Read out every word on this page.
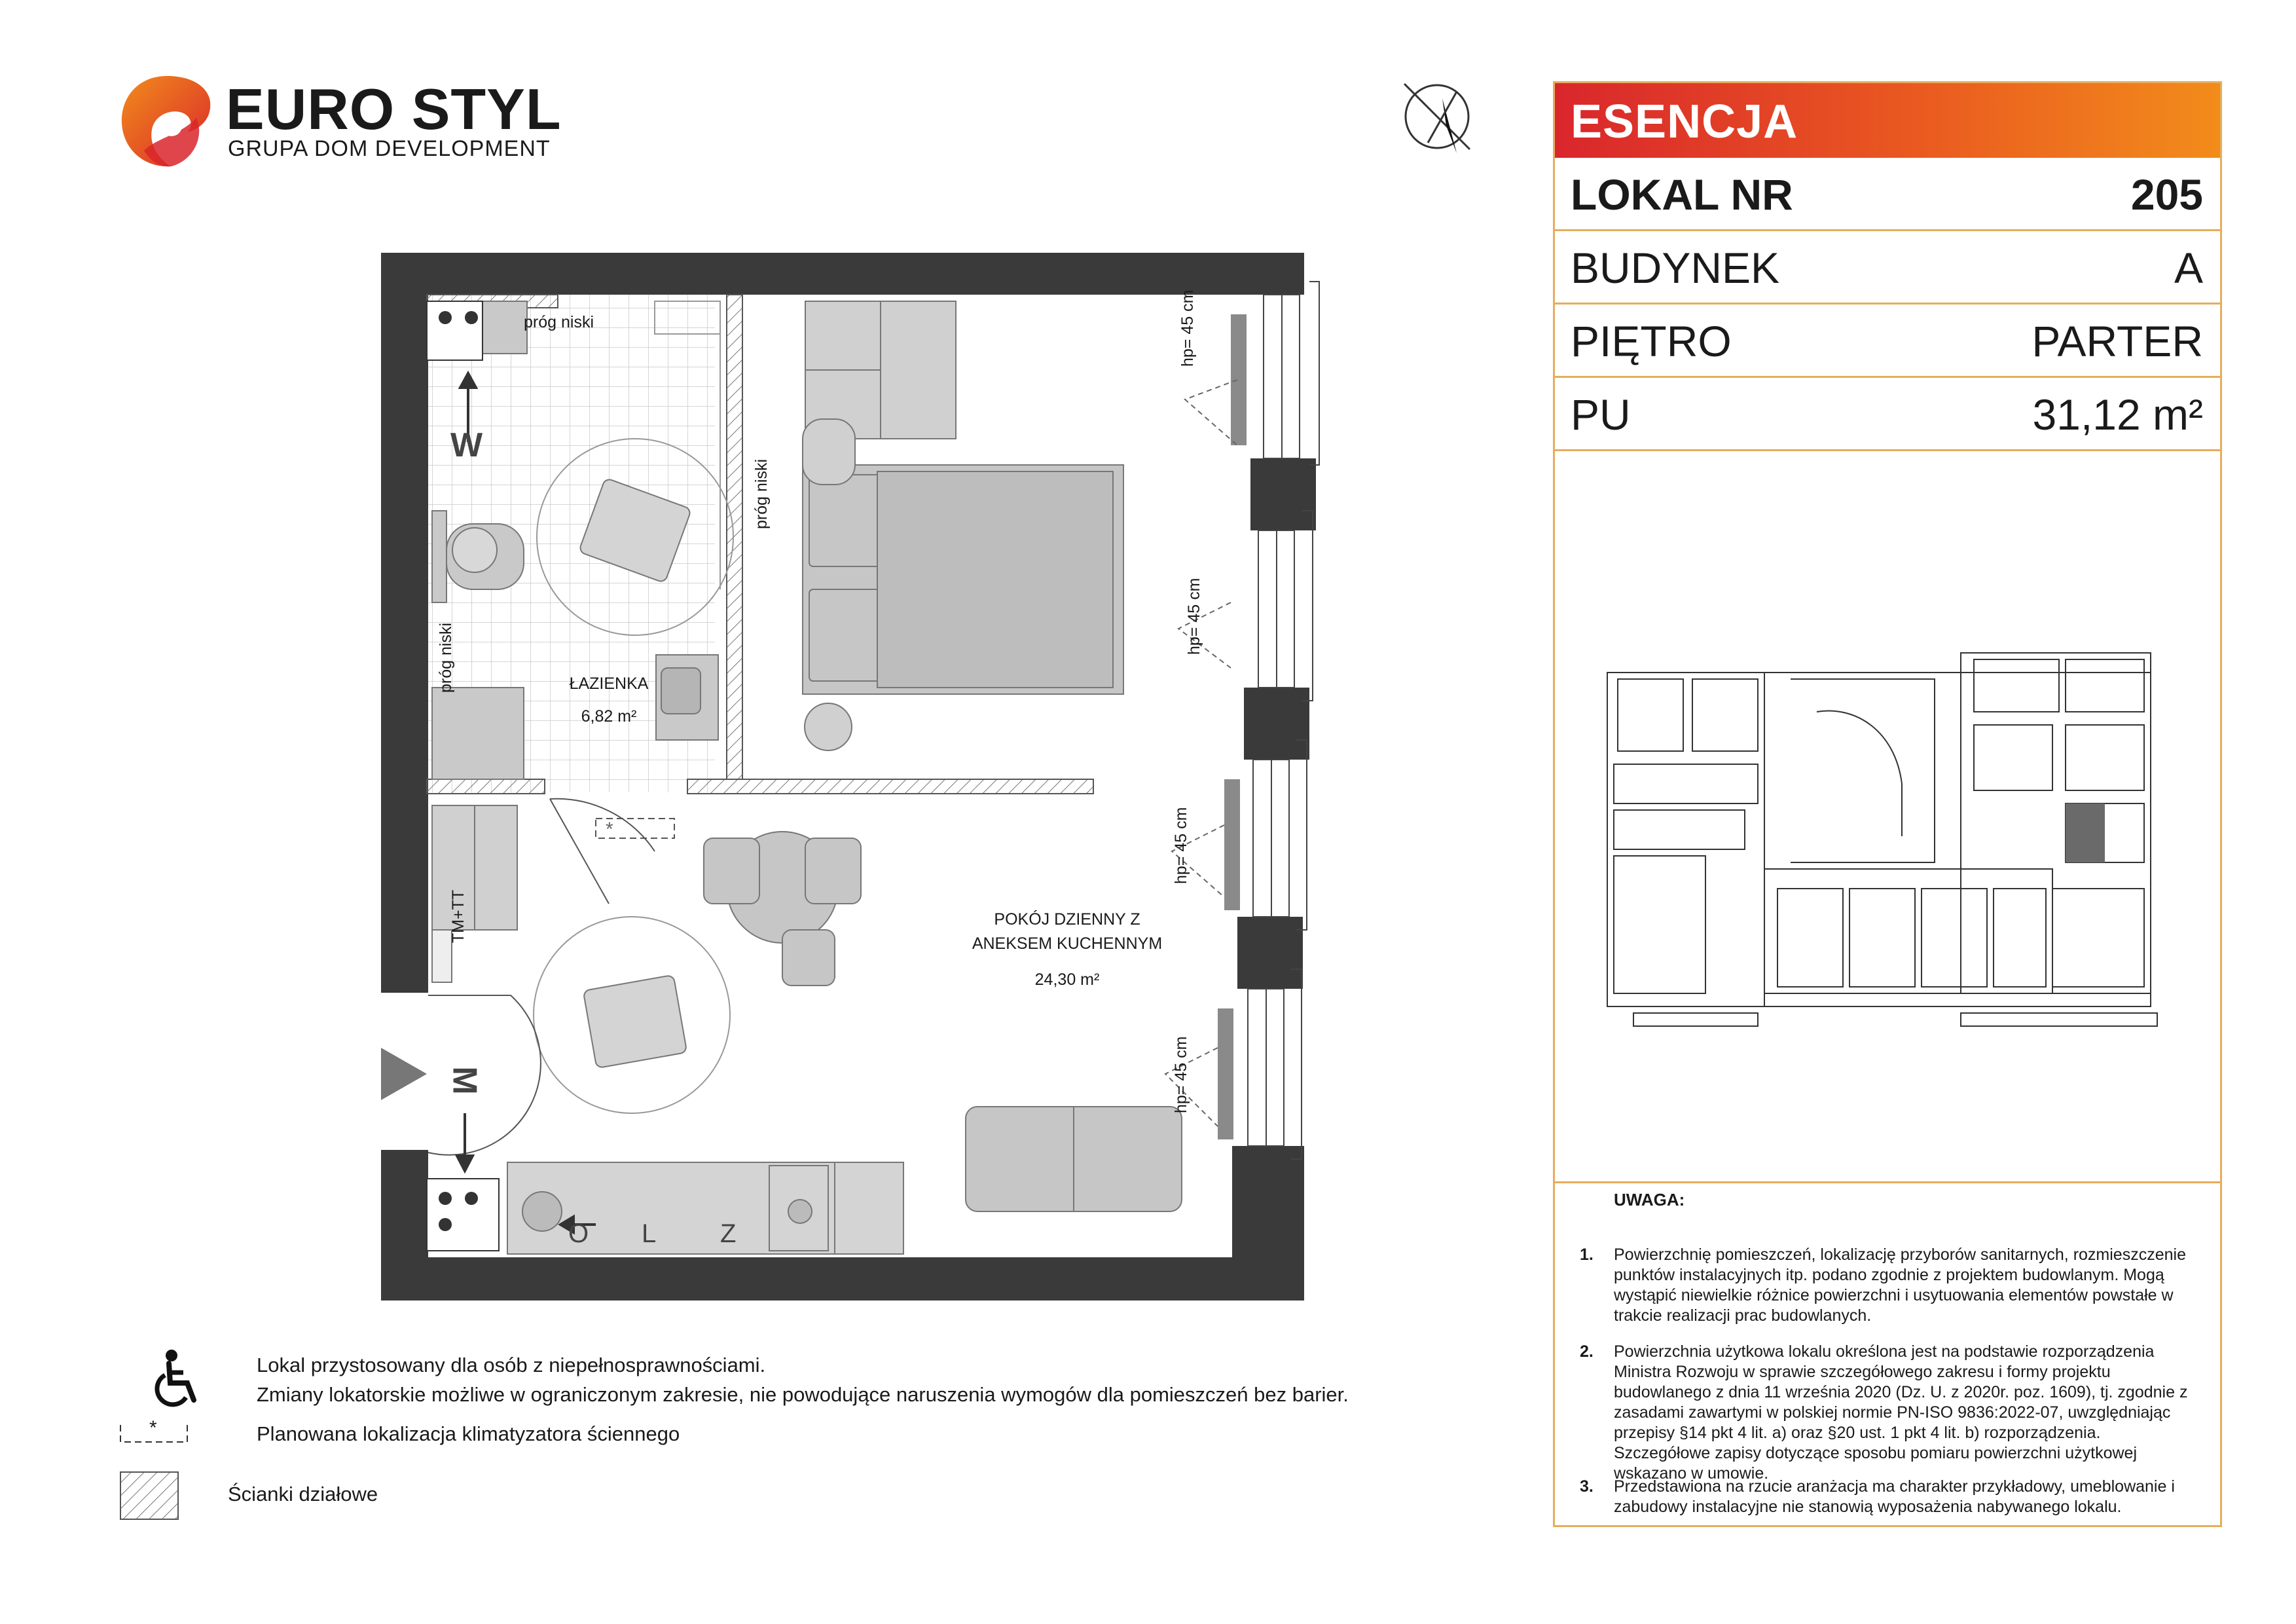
EURO STYL
GRUPA DOM DEVELOPMENT
próg niski
próg niski
próg niski
W
M
TM+TT
*
ŁAZIENKA
6,82 m²
POKÓJ DZIENNY Z
ANEKSEM KUCHENNYM
24,30 m²
hp= 45 cm
hp= 45 cm
hp= 45 cm
hp= 45 cm
O L Z
Lokal przystosowany dla osób z niepełnosprawnościami.
Zmiany lokatorskie możliwe w ograniczonym zakresie, nie powodujące naruszenia wymogów dla pomieszczeń bez barier.
*	Planowana lokalizacja klimatyzatora ściennego
Ścianki działowe
ESENCJA
LOKAL NR	205
BUDYNEK	A
PIĘTRO	PARTER
PU	31,12 m²
UWAGA:
1. Powierzchnię pomieszczeń, lokalizację przyborów sanitarnych, rozmieszczenie punktów instalacyjnych itp. podano zgodnie z projektem budowlanym. Mogą wystąpić niewielkie różnice powierzchni i usytuowania elementów powstałe w trakcie realizacji prac budowlanych.
2. Powierzchnia użytkowa lokalu określona jest na podstawie rozporządzenia Ministra Rozwoju w sprawie szczegółowego zakresu i formy projektu budowlanego z dnia 11 września 2020 (Dz. U. z 2020r. poz. 1609), tj. zgodnie z zasadami zawartymi w polskiej normie PN-ISO 9836:2022-07, uwzględniając przepisy §14 pkt 4 lit. a) oraz §20 ust. 1 pkt 4 lit. b) rozporządzenia. Szczegółowe zapisy dotyczące sposobu pomiaru powierzchni użytkowej wskazano w umowie.
3. Przedstawiona na rzucie aranżacja ma charakter przykładowy, umeblowanie i zabudowy instalacyjne nie stanowią wyposażenia nabywanego lokalu.
